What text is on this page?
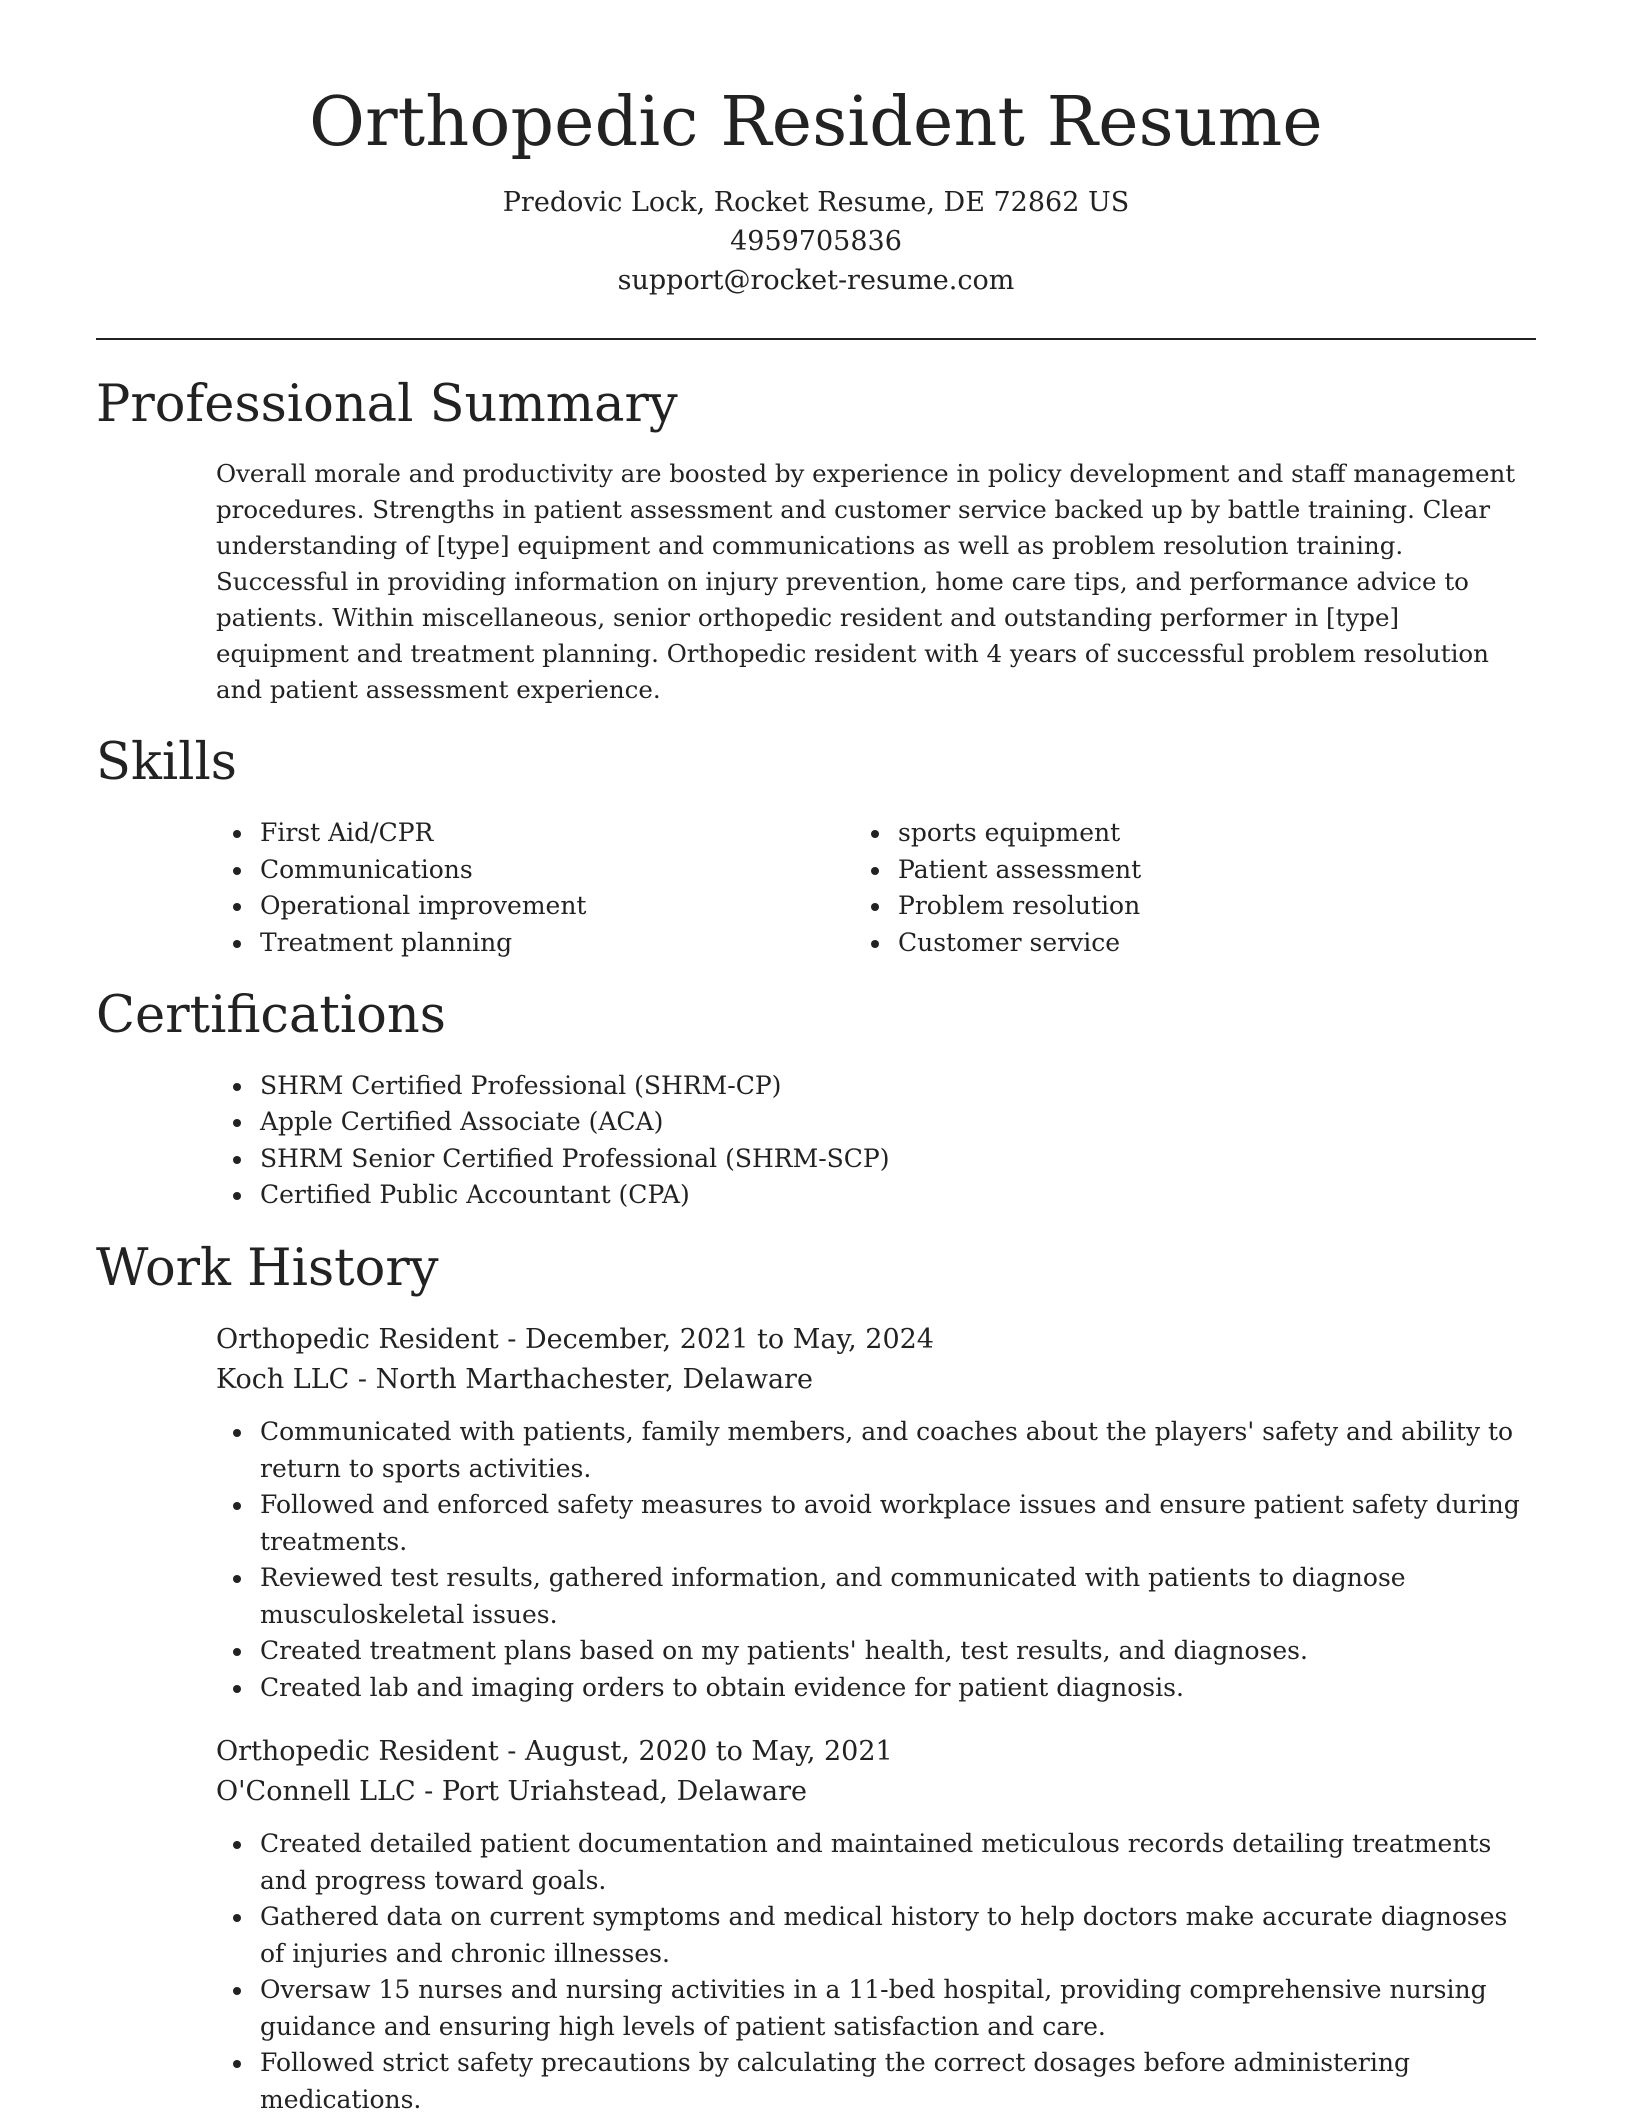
Orthopedic Resident Resume
Predovic Lock, Rocket Resume, DE 72862 US
4959705836
support@rocket-resume.com
Professional Summary

Overall morale and productivity are boosted by experience in policy development and staff management procedures. Strengths in patient assessment and customer service backed up by battle training. Clear understanding of [type] equipment and communications as well as problem resolution training. Successful in providing information on injury prevention, home care tips, and performance advice to patients. Within miscellaneous, senior orthopedic resident and outstanding performer in [type] equipment and treatment planning. Orthopedic resident with 4 years of successful problem resolution and patient assessment experience.

Skills
First Aid/CPR
Communications
Operational improvement
Treatment planning
sports equipment
Patient assessment
Problem resolution
Customer service
Certifications
SHRM Certified Professional (SHRM-CP)
Apple Certified Associate (ACA)
SHRM Senior Certified Professional (SHRM-SCP)
Certified Public Accountant (CPA)
Work History
Orthopedic Resident - December, 2021 to May, 2024
Koch LLC - North Marthachester, Delaware
Communicated with patients, family members, and coaches about the players' safety and ability to return to sports activities.
Followed and enforced safety measures to avoid workplace issues and ensure patient safety during treatments.
Reviewed test results, gathered information, and communicated with patients to diagnose musculoskeletal issues.
Created treatment plans based on my patients' health, test results, and diagnoses.
Created lab and imaging orders to obtain evidence for patient diagnosis.
Orthopedic Resident - August, 2020 to May, 2021
O'Connell LLC - Port Uriahstead, Delaware
Created detailed patient documentation and maintained meticulous records detailing treatments and progress toward goals.
Gathered data on current symptoms and medical history to help doctors make accurate diagnoses of injuries and chronic illnesses.
Oversaw 15 nurses and nursing activities in a 11-bed hospital, providing comprehensive nursing guidance and ensuring high levels of patient satisfaction and care.
Followed strict safety precautions by calculating the correct dosages before administering medications.
